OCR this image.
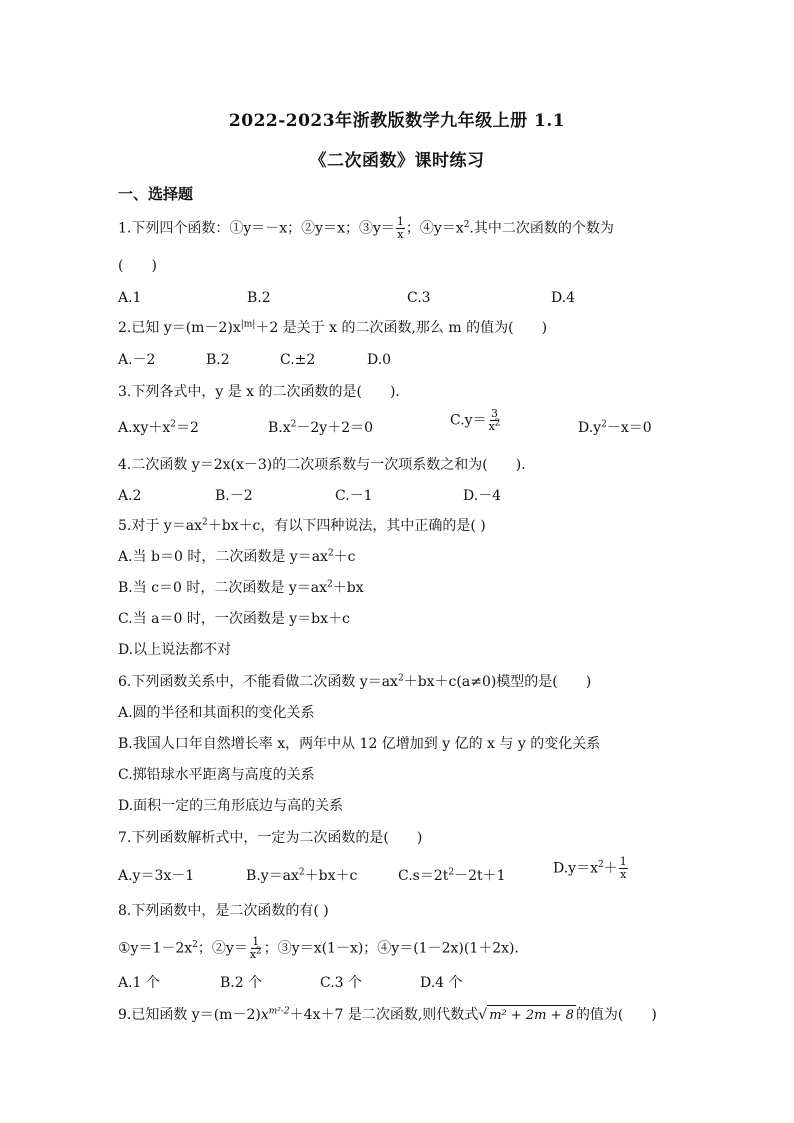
2022-2023年浙教版数学九年级上册 1.1
《二次函数》课时练习
一、选择题
1.下列四个函数：①y＝－x；②y＝x；③y＝ $\frac{1}{x}$ ；$④y=x^2$.其中二次函数的个数为
(　　)
A.1	B.2	C.3	D.4
2.已知 $y=(m-2)x^{|m|}+2$ 是关于 x 的二次函数,那么 m 的值为(　　)
A.－2	B.2	C.±2	D.0
3.下列各式中，y 是 x 的二次函数的是(　　).
$A.xy+x^2=2$	$B.x^2-2y+2=0$	$C.y= \frac{3}{x^2}$	$D.y^2-x=0$
4.二次函数 y＝2x(x－3)的二次项系数与一次项系数之和为(　　).
A.2	B.－2	C.－1	D.－4
5.对于 $y=ax^2+bx+c$，有以下四种说法，其中正确的是( )
A.当 b＝0 时，二次函数是 $y=ax^2+c$
B.当 c＝0 时，二次函数是 $y=ax^2+bx$
C.当 a＝0 时，一次函数是 y＝bx＋c
D.以上说法都不对
6.下列函数关系中，不能看做二次函数 $y=ax^2+bx+c(a\ne 0)$模型的是(　　)
A.圆的半径和其面积的变化关系
B.我国人口年自然增长率 x，两年中从 12 亿增加到 y 亿的 x 与 y 的变化关系
C.掷铅球水平距离与高度的关系
D.面积一定的三角形底边与高的关系
7.下列函数解析式中，一定为二次函数的是(　　)
A.y＝3x－1	$B.y=ax^2+bx+c$	$C.s=2t^2-2t+1$	$D.y=x^2+ \frac{1}{x}$
8.下列函数中，是二次函数的有( )
$①y=1-2x^2$；②y＝ $\frac{1}{x^2}$ ；③y＝x(1－x)；④y＝(1－2x)(1＋2x).
A.1 个	B.2 个	C.3 个	D.4 个
9.已知函数 $y=(m-2)x^{m^2-2}+4x+7$ 是二次函数,则代数式 √ m² + 2m + 8 的值为(　　)
